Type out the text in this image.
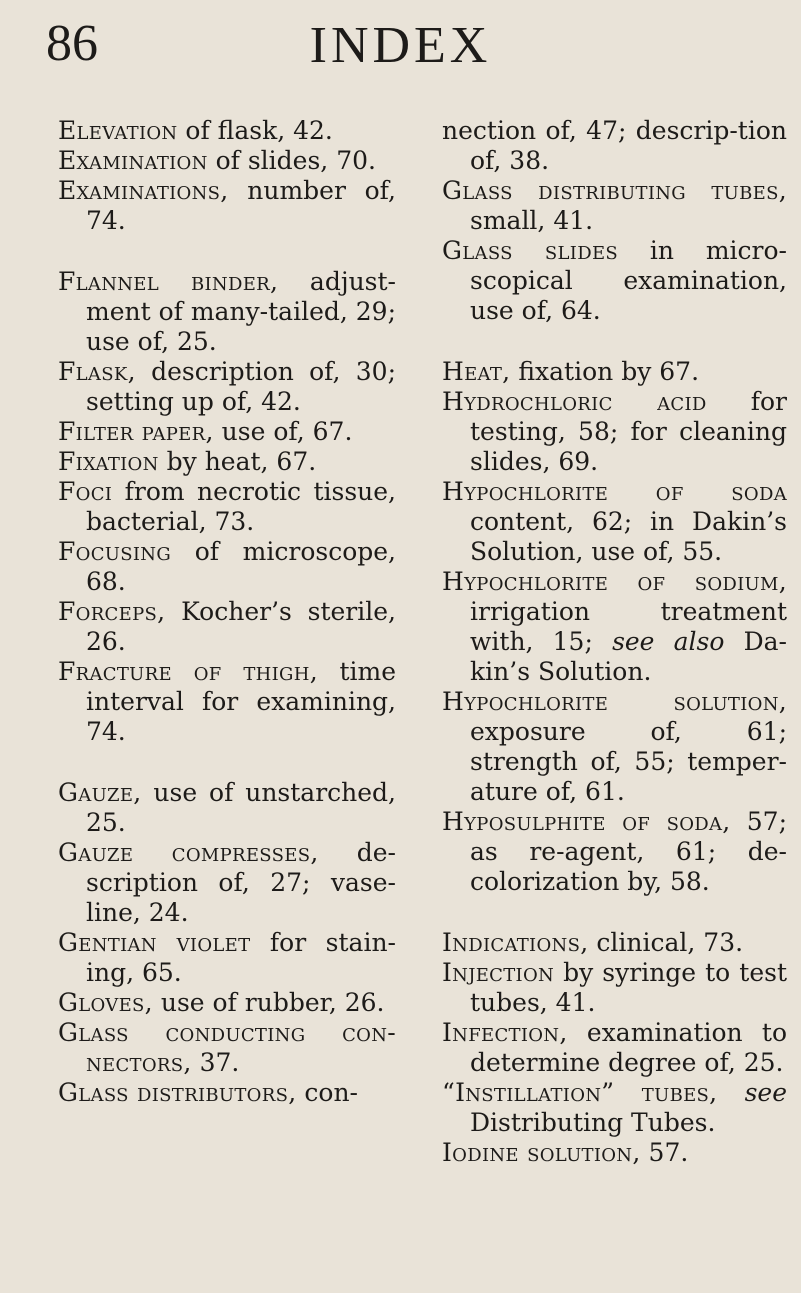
86	INDEX

Elevation of flask, 42.

Examination of slides, 70.

Examinations, number of, 74.

Flannel binder, adjust-ment of many-tailed, 29; use of, 25.

Flask, description of, 30; setting up of, 42.

Filter paper, use of, 67.

Fixation by heat, 67.

Foci from necrotic tissue, bacterial, 73.

Focusing of microscope, 68.

Forceps, Kocher’s sterile, 26.

Fracture of thigh, time interval for examining, 74.

Gauze, use of unstarched, 25.

Gauze compresses, de-scription of, 27; vase-line, 24.

Gentian violet for stain-ing, 65.

Gloves, use of rubber, 26.

Glass conducting con-nectors, 37.

Glass distributors, con-

nection of, 47; descrip-tion of, 38.

Glass distributing tubes, small, 41.

Glass slides in micro-scopical examination, use of, 64.

Heat, fixation by 67.

Hydrochloric acid for testing, 58; for cleaning slides, 69.

Hypochlorite of soda content, 62; in Dakin’s Solution, use of, 55.

Hypochlorite of sodium, irrigation treatment with, 15; see also Da-kin’s Solution.

Hypochlorite solution, exposure of, 61; strength of, 55; temper-ature of, 61.

Hyposulphite of soda, 57; as re-agent, 61; de-colorization by, 58.

Indications, clinical, 73.

Injection by syringe to test tubes, 41.

Infection, examination to determine degree of, 25.

“Instillation” tubes, see Distributing Tubes.

Iodine solution, 57.
